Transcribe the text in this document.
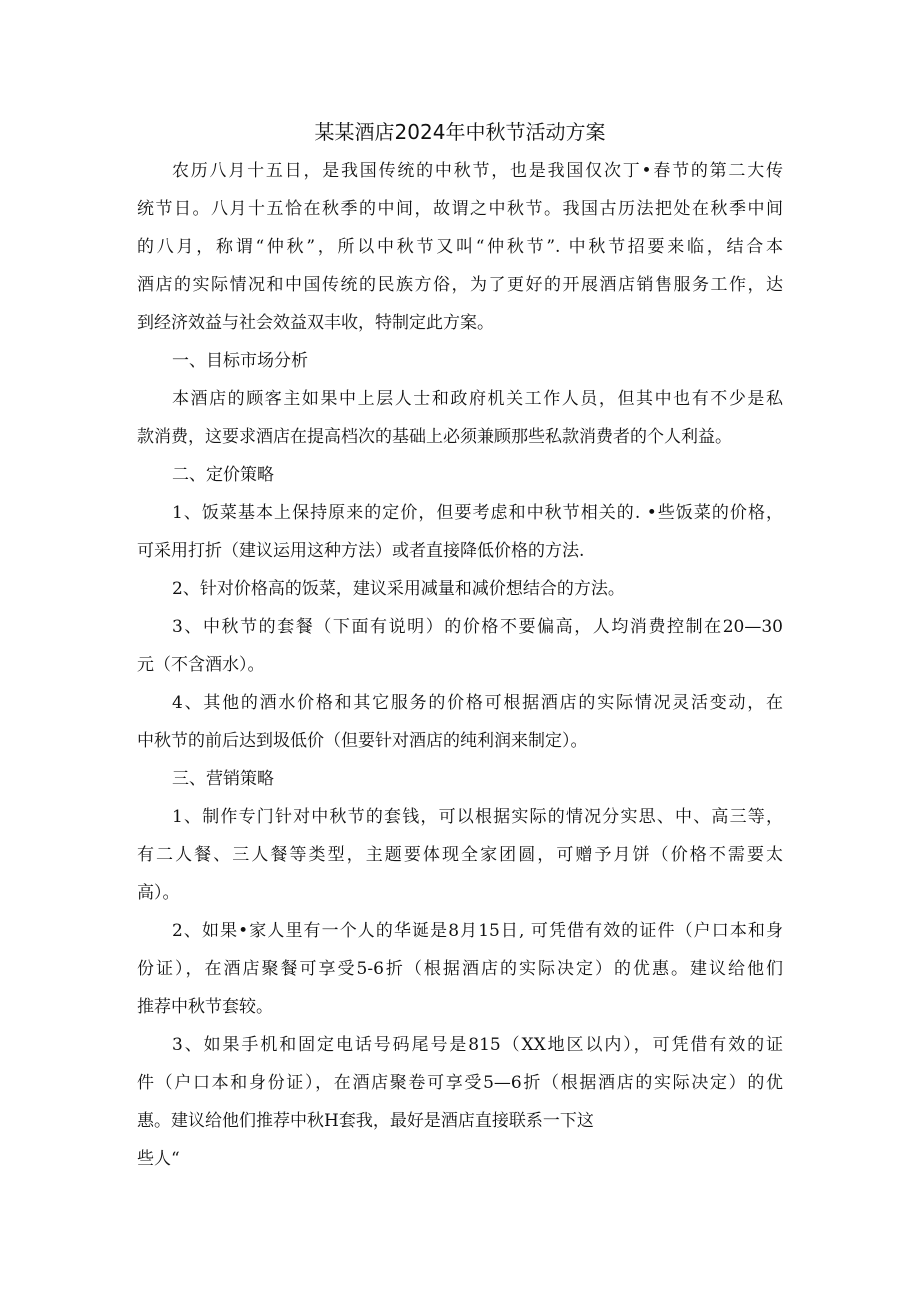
某某酒店2024年中秋节活动方案
农历八月十五日，是我国传统的中秋节，也是我国仅次丁•春节的第二大传
统节日。八月十五恰在秋季的中间，故谓之中秋节。我国古历法把处在秋季中间
的八月，称谓“仲秋”，所以中秋节又叫“仲秋节”. 中秋节招要来临，结合本
酒店的实际情况和中国传统的民族方俗，为了更好的开展酒店销售服务工作，达
到经济效益与社会效益双丰收，特制定此方案。
一、目标市场分析
本酒店的顾客主如果中上层人士和政府机关工作人员，但其中也有不少是私
款消费，这要求酒店在提高档次的基础上必须兼顾那些私款消费者的个人利益。
二、定价策略
1、饭菜基本上保持原来的定价，但要考虑和中秋节相关的. •些饭菜的价格，
可采用打折（建议运用这种方法）或者直接降低价格的方法.
2、针对价格高的饭菜，建议采用减量和减价想结合的方法。
3、中秋节的套餐（下面有说明）的价格不要偏高，人均消费控制在20—30
元（不含酒水）。
4、其他的酒水价格和其它服务的价格可根据酒店的实际情况灵活变动，在
中秋节的前后达到圾低价（但要针对酒店的纯利润来制定）。
三、营销策略
1、制作专门针对中秋节的套钱，可以根据实际的情况分实思、中、高三等，
有二人餐、三人餐等类型，主题要体现全家团圆，可赠予月饼（价格不需要太
高）。
2、如果•家人里有一个人的华诞是8月15日, 可凭借有效的证件（户口本和身
份证），在酒店聚餐可享受5-6折（根据酒店的实际决定）的优惠。建议给他们
推荐中秋节套较。
3、如果手机和固定电话号码尾号是815（XX地区以内），可凭借有效的证
件（户口本和身份证），在酒店聚卷可享受5—6折（根据酒店的实际决定）的优
惠。建议给他们推荐中秋H套我，最好是酒店直接联系一下这
些人“
